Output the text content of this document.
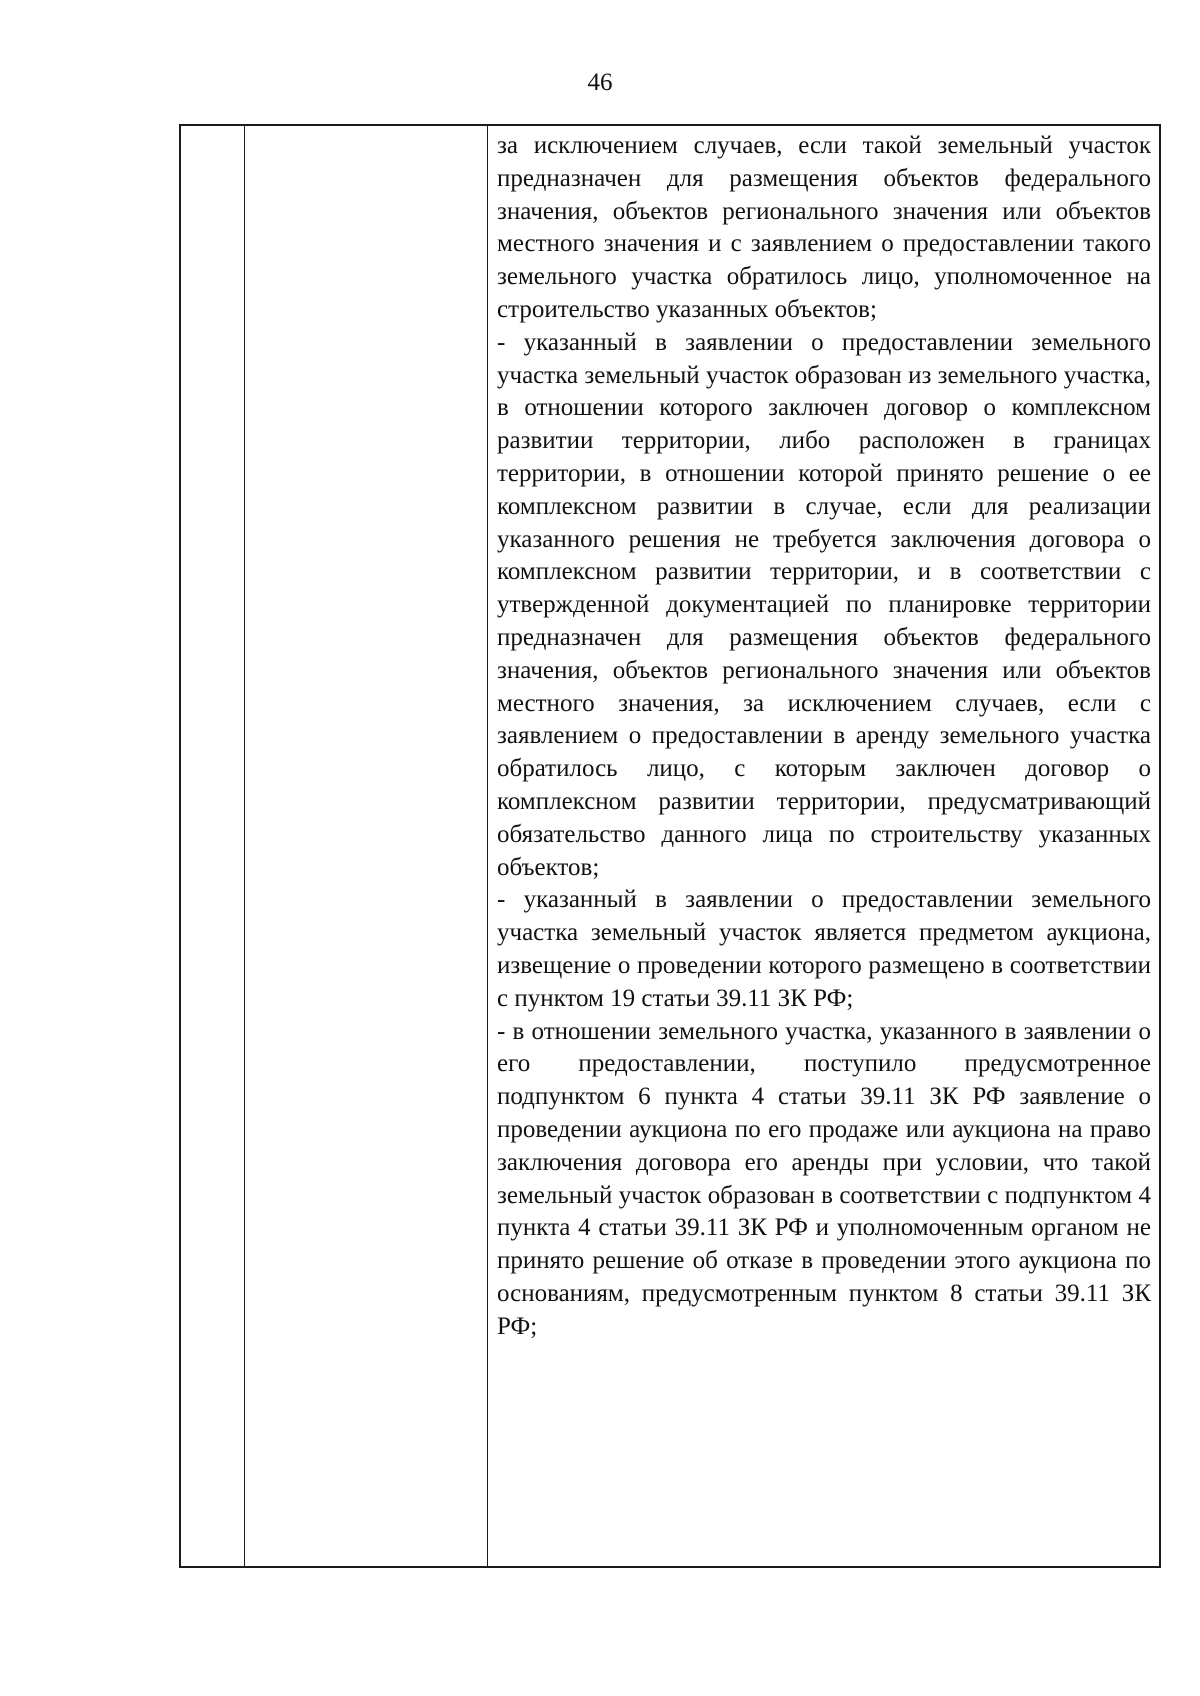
46

за исключением случаев, если такой земельный участок предназначен для размещения объектов федерального значения, объектов регионального значения или объектов местного значения и с заявлением о предоставлении такого земельного участка обратилось лицо, уполномоченное на строительство указанных объектов;

- указанный в заявлении о предоставлении земельного участка земельный участок образован из земельного участка, в отношении которого заключен договор о комплексном развитии территории, либо расположен в границах территории, в отношении которой принято решение о ее комплексном развитии в случае, если для реализации указанного решения не требуется заключения договора о комплексном развитии территории, и в соответствии с утвержденной документацией по планировке территории предназначен для размещения объектов федерального значения, объектов регионального значения или объектов местного значения, за исключением случаев, если с заявлением о предоставлении в аренду земельного участка обратилось лицо, с которым заключен договор о комплексном развитии территории, предусматривающий обязательство данного лица по строительству указанных объектов;

- указанный в заявлении о предоставлении земельного участка земельный участок является предметом аукциона, извещение о проведении которого размещено в соответствии с пунктом 19 статьи 39.11 ЗК РФ;

- в отношении земельного участка, указанного в заявлении о его предоставлении, поступило предусмотренное подпунктом 6 пункта 4 статьи 39.11 ЗК РФ заявление о проведении аукциона по его продаже или аукциона на право заключения договора его аренды при условии, что такой земельный участок образован в соответствии с подпунктом 4 пункта 4 статьи 39.11 ЗК РФ и уполномоченным органом не принято решение об отказе в проведении этого аукциона по основаниям, предусмотренным пунктом 8 статьи 39.11 ЗК РФ;
